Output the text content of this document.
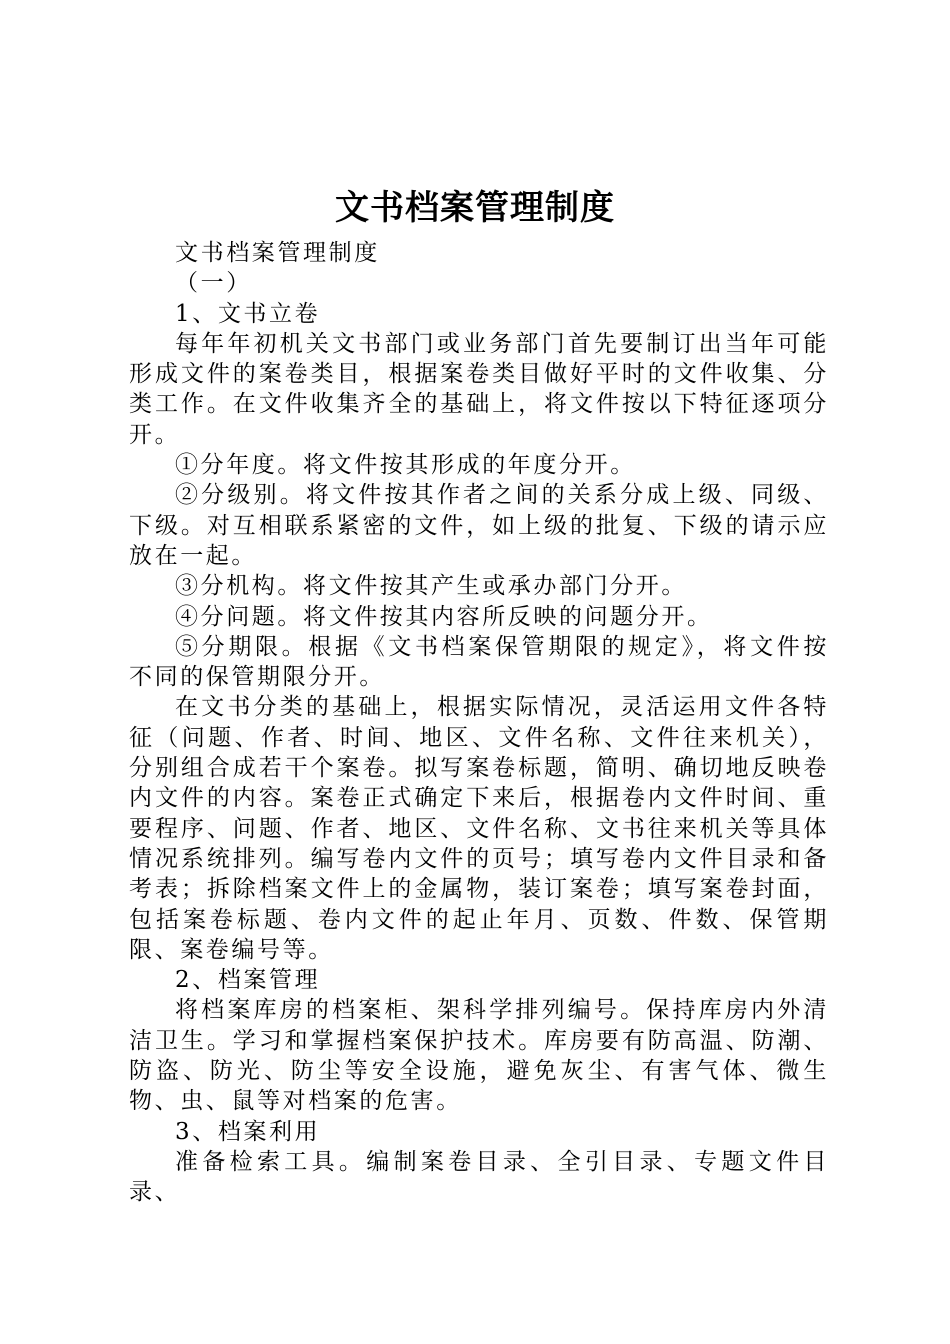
文书档案管理制度

文书档案管理制度

（一）

1、文书立卷

每年年初机关文书部门或业务部门首先要制订出当年可能形成文件的案卷类目，根据案卷类目做好平时的文件收集、分类工作。在文件收集齐全的基础上，将文件按以下特征逐项分开。

①分年度。将文件按其形成的年度分开。

②分级别。将文件按其作者之间的关系分成上级、同级、下级。对互相联系紧密的文件，如上级的批复、下级的请示应放在一起。

③分机构。将文件按其产生或承办部门分开。

④分问题。将文件按其内容所反映的问题分开。

⑤分期限。根据《文书档案保管期限的规定》，将文件按不同的保管期限分开。

在文书分类的基础上，根据实际情况，灵活运用文件各特征（问题、作者、时间、地区、文件名称、文件往来机关），分别组合成若干个案卷。拟写案卷标题，简明、确切地反映卷内文件的内容。案卷正式确定下来后，根据卷内文件时间、重要程序、问题、作者、地区、文件名称、文书往来机关等具体情况系统排列。编写卷内文件的页号；填写卷内文件目录和备考表；拆除档案文件上的金属物，装订案卷；填写案卷封面，包括案卷标题、卷内文件的起止年月、页数、件数、保管期限、案卷编号等。

2、档案管理

将档案库房的档案柜、架科学排列编号。保持库房内外清洁卫生。学习和掌握档案保护技术。库房要有防高温、防潮、防盗、防光、防尘等安全设施，避免灰尘、有害气体、微生物、虫、鼠等对档案的危害。

3、档案利用

准备检索工具。编制案卷目录、全引目录、专题文件目录、
